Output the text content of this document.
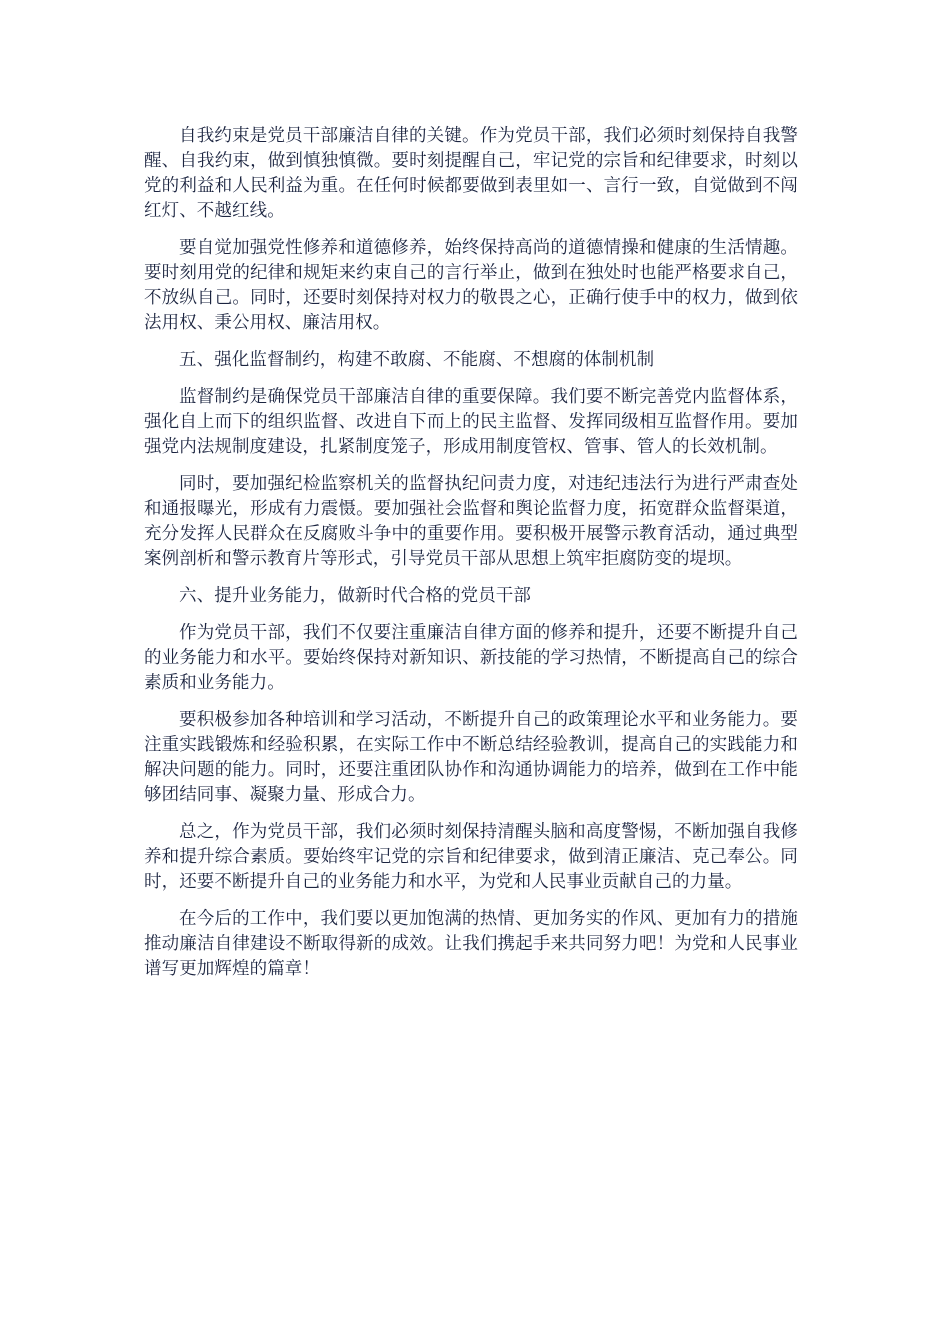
自我约束是党员干部廉洁自律的关键。作为党员干部，我们必须时刻保持自我警醒、自我约束，做到慎独慎微。要时刻提醒自己，牢记党的宗旨和纪律要求，时刻以党的利益和人民利益为重。在任何时候都要做到表里如一、言行一致，自觉做到不闯红灯、不越红线。

要自觉加强党性修养和道德修养，始终保持高尚的道德情操和健康的生活情趣。要时刻用党的纪律和规矩来约束自己的言行举止，做到在独处时也能严格要求自己，不放纵自己。同时，还要时刻保持对权力的敬畏之心，正确行使手中的权力，做到依法用权、秉公用权、廉洁用权。

五、强化监督制约，构建不敢腐、不能腐、不想腐的体制机制

监督制约是确保党员干部廉洁自律的重要保障。我们要不断完善党内监督体系，强化自上而下的组织监督、改进自下而上的民主监督、发挥同级相互监督作用。要加强党内法规制度建设，扎紧制度笼子，形成用制度管权、管事、管人的长效机制。

同时，要加强纪检监察机关的监督执纪问责力度，对违纪违法行为进行严肃查处和通报曝光，形成有力震慑。要加强社会监督和舆论监督力度，拓宽群众监督渠道，充分发挥人民群众在反腐败斗争中的重要作用。要积极开展警示教育活动，通过典型案例剖析和警示教育片等形式，引导党员干部从思想上筑牢拒腐防变的堤坝。

六、提升业务能力，做新时代合格的党员干部

作为党员干部，我们不仅要注重廉洁自律方面的修养和提升，还要不断提升自己的业务能力和水平。要始终保持对新知识、新技能的学习热情，不断提高自己的综合素质和业务能力。

要积极参加各种培训和学习活动，不断提升自己的政策理论水平和业务能力。要注重实践锻炼和经验积累，在实际工作中不断总结经验教训，提高自己的实践能力和解决问题的能力。同时，还要注重团队协作和沟通协调能力的培养，做到在工作中能够团结同事、凝聚力量、形成合力。

总之，作为党员干部，我们必须时刻保持清醒头脑和高度警惕，不断加强自我修养和提升综合素质。要始终牢记党的宗旨和纪律要求，做到清正廉洁、克己奉公。同时，还要不断提升自己的业务能力和水平，为党和人民事业贡献自己的力量。

在今后的工作中，我们要以更加饱满的热情、更加务实的作风、更加有力的措施推动廉洁自律建设不断取得新的成效。让我们携起手来共同努力吧！为党和人民事业谱写更加辉煌的篇章！
